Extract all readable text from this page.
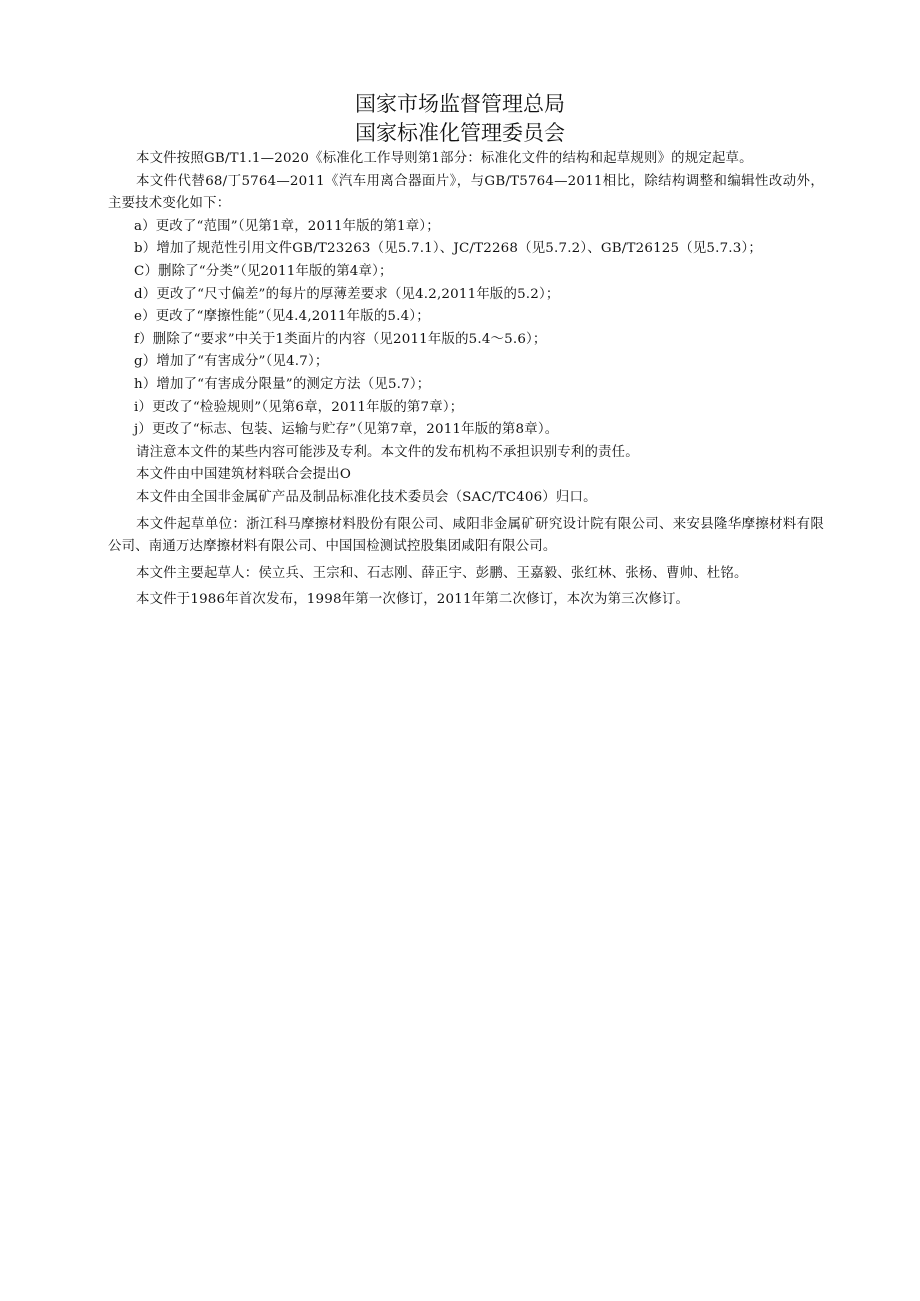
国家市场监督管理总局
国家标准化管理委员会

本文件按照GB/T1.1—2020《标准化工作导则第1部分：标准化文件的结构和起草规则》的规定起草。

本文件代替68/丁5764—2011《汽车用离合器面片》，与GB/T5764—2011相比，除结构调整和编辑性改动外，主要技术变化如下：

a）更改了“范围”（见第1章，2011年版的第1章）；

b）增加了规范性引用文件GB/T23263（见5.7.1）、JC/T2268（见5.7.2）、GB/T26125（见5.7.3）；

C）删除了“分类”（见2011年版的第4章）；

d）更改了“尺寸偏差”的每片的厚薄差要求（见4.2,2011年版的5.2）；

e）更改了“摩擦性能”（见4.4,2011年版的5.4）；

f）删除了“要求”中关于1类面片的内容（见2011年版的5.4～5.6）；

g）增加了“有害成分”（见4.7）；

h）增加了“有害成分限量”的测定方法（见5.7）；

i）更改了“检验规则”（见第6章，2011年版的第7章）；

j）更改了“标志、包装、运输与贮存”（见第7章，2011年版的第8章）。

请注意本文件的某些内容可能涉及专利。本文件的发布机构不承担识别专利的责任。

本文件由中国建筑材料联合会提出O

本文件由全国非金属矿产品及制品标准化技术委员会（SAC/TC406）归口。

本文件起草单位：浙江科马摩擦材料股份有限公司、咸阳非金属矿研究设计院有限公司、来安县隆华摩擦材料有限公司、南通万达摩擦材料有限公司、中国国检测试控股集团咸阳有限公司。

本文件主要起草人：侯立兵、王宗和、石志刚、薛正宇、彭鹏、王嘉毅、张红林、张杨、曹帅、杜铭。

本文件于1986年首次发布，1998年第一次修订，2011年第二次修订，本次为第三次修订。
